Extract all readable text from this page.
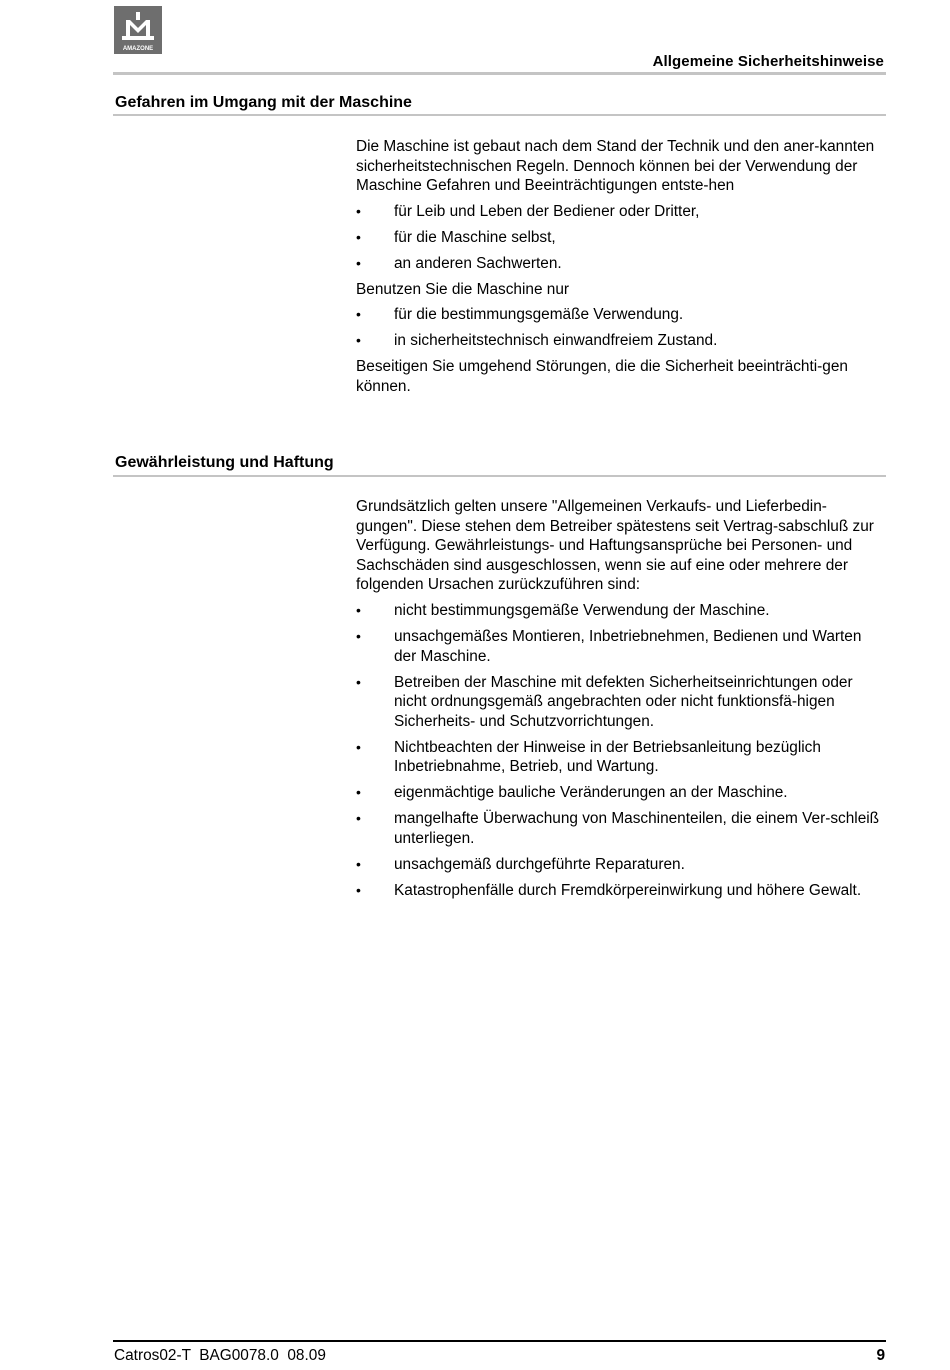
AMAZONE
Allgemeine Sicherheitshinweise
Gefahren im Umgang mit der Maschine

Die Maschine ist gebaut nach dem Stand der Technik und den aner-kannten sicherheitstechnischen Regeln. Dennoch können bei der Verwendung der Maschine Gefahren und Beeinträchtigungen entste-hen

•	für Leib und Leben der Bediener oder Dritter,
•	für die Maschine selbst,
•	an anderen Sachwerten.

Benutzen Sie die Maschine nur

•	für die bestimmungsgemäße Verwendung.
•	in sicherheitstechnisch einwandfreiem Zustand.

Beseitigen Sie umgehend Störungen, die die Sicherheit beeinträchti-gen können.

Gewährleistung und Haftung

Grundsätzlich gelten unsere "Allgemeinen Verkaufs- und Lieferbedin-gungen". Diese stehen dem Betreiber spätestens seit Vertrag-sabschluß zur Verfügung. Gewährleistungs- und Haftungsansprüche bei Personen- und Sachschäden sind ausgeschlossen, wenn sie auf eine oder mehrere der folgenden Ursachen zurückzuführen sind:

•	nicht bestimmungsgemäße Verwendung der Maschine.
•	unsachgemäßes Montieren, Inbetriebnehmen, Bedienen und Warten der Maschine.
•	Betreiben der Maschine mit defekten Sicherheitseinrichtungen oder nicht ordnungsgemäß angebrachten oder nicht funktionsfä-higen Sicherheits- und Schutzvorrichtungen.
•	Nichtbeachten der Hinweise in der Betriebsanleitung bezüglich Inbetriebnahme, Betrieb, und Wartung.
•	eigenmächtige bauliche Veränderungen an der Maschine.
•	mangelhafte Überwachung von Maschinenteilen, die einem Ver-schleiß unterliegen.
•	unsachgemäß durchgeführte Reparaturen.
•	Katastrophenfälle durch Fremdkörpereinwirkung und höhere Gewalt.
Catros02-T  BAG0078.0  08.09	9
